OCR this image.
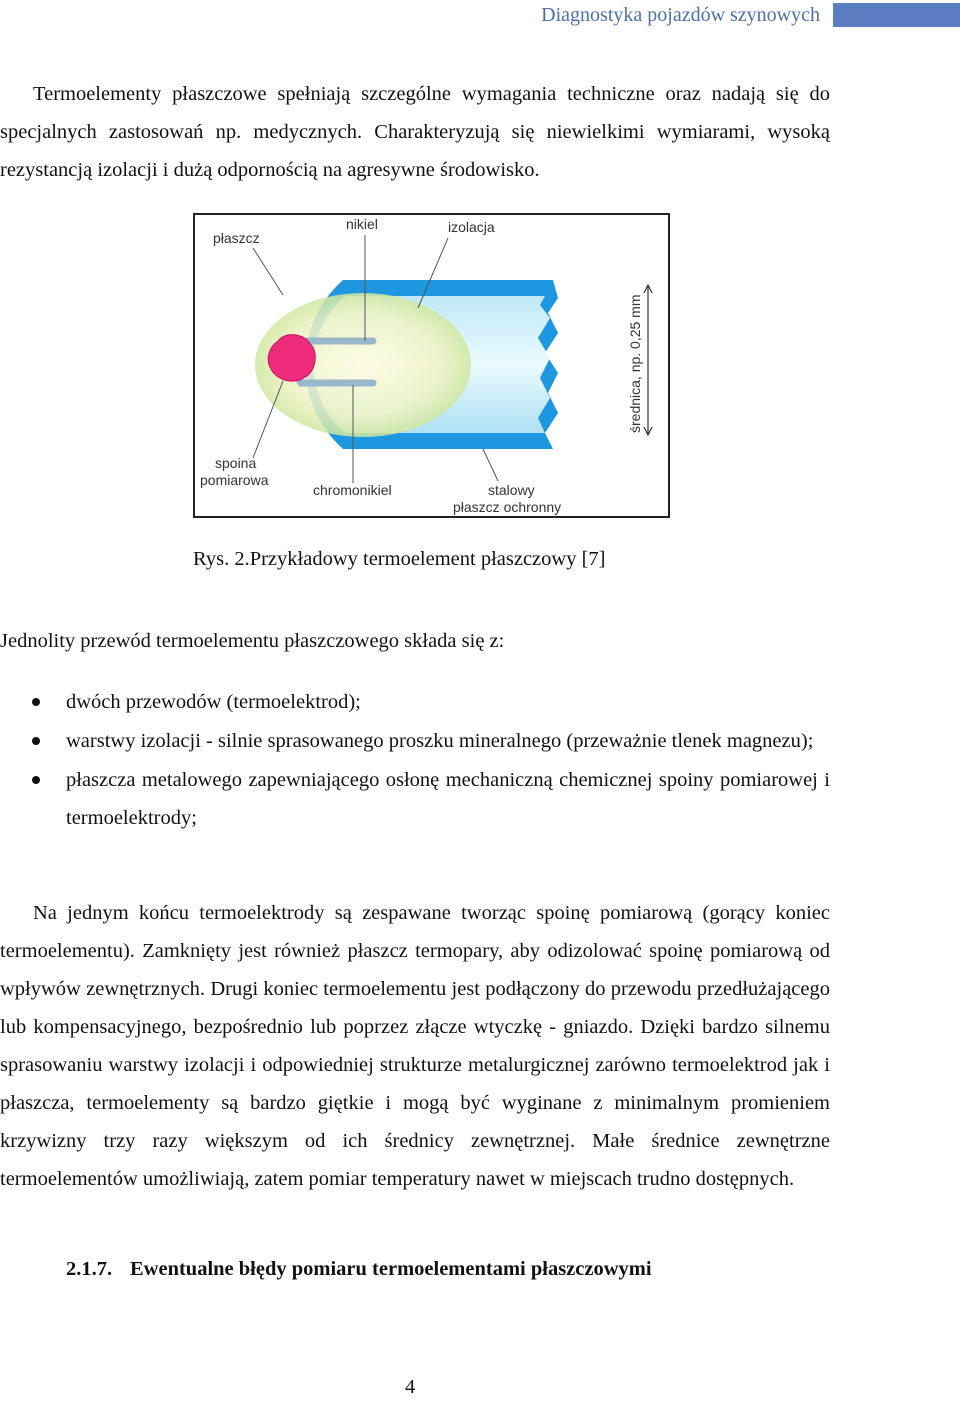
Diagnostyka pojazdów szynowych
Termoelementy płaszczowe spełniają szczególne wymagania techniczne oraz nadają się do specjalnych zastosowań np. medycznych. Charakteryzują się niewielkimi wymiarami, wysoką rezystancją izolacji i dużą odpornością na agresywne środowisko.
płaszcz
nikiel	izolacja
średnica, np. 0,25 mm
spoina
pomiarowa
chromonikiel	stalowy
płaszcz ochronny
Rys. 2.Przykładowy termoelement płaszczowy [7]
Jednolity przewód termoelementu płaszczowego składa się z:
dwóch przewodów (termoelektrod);
warstwy izolacji - silnie sprasowanego proszku mineralnego (przeważnie tlenek magnezu);
płaszcza metalowego zapewniającego osłonę mechaniczną chemicznej spoiny pomiarowej i termoelektrody;
Na jednym końcu termoelektrody są zespawane tworząc spoinę pomiarową (gorący koniec termoelementu). Zamknięty jest również płaszcz termopary, aby odizolować spoinę pomiarową od wpływów zewnętrznych. Drugi koniec termoelementu jest podłączony do przewodu przedłużającego lub kompensacyjnego, bezpośrednio lub poprzez złącze wtyczkę - gniazdo. Dzięki bardzo silnemu sprasowaniu warstwy izolacji i odpowiedniej strukturze metalurgicznej zarówno termoelektrod jak i płaszcza, termoelementy są bardzo giętkie i mogą być wyginane z minimalnym promieniem krzywizny trzy razy większym od ich średnicy zewnętrznej. Małe średnice zewnętrzne termoelementów umożliwiają, zatem pomiar temperatury nawet w miejscach trudno dostępnych.
2.1.7. Ewentualne błędy pomiaru termoelementami płaszczowymi
4
